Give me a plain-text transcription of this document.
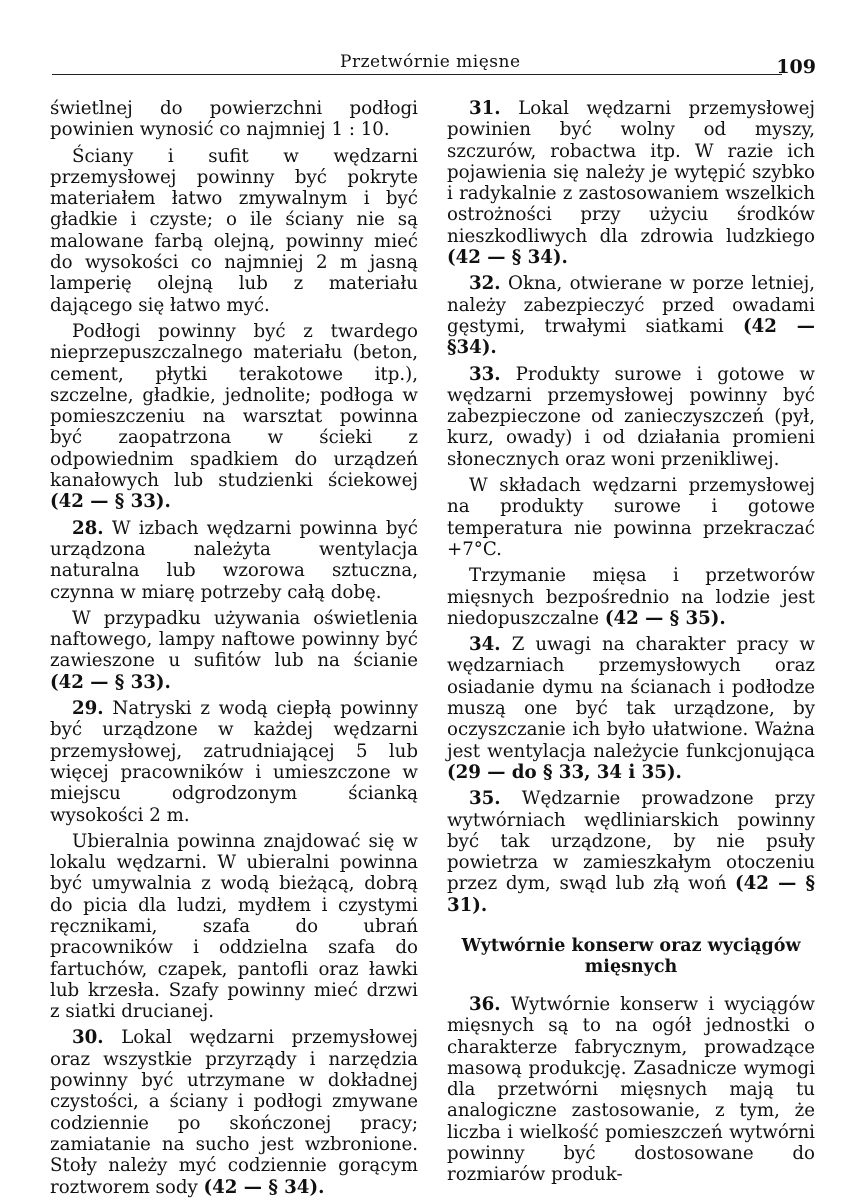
Przetwórnie mięsne	109

świetlnej do powierzchni podłogi powinien wynosić co najmniej 1 : 10.

Ściany i sufit w wędzarni przemysłowej powinny być pokryte materiałem łatwo zmywalnym i być gładkie i czyste; o ile ściany nie są malowane farbą olejną, powinny mieć do wysokości co najmniej 2 m jasną lamperię olejną lub z materiału dającego się łatwo myć.

Podłogi powinny być z twardego nieprzepuszczalnego materiału (beton, cement, płytki terakotowe itp.), szczelne, gładkie, jednolite; podłoga w pomieszczeniu na warsztat powinna być zaopatrzona w ścieki z odpowiednim spadkiem do urządzeń kanałowych lub studzienki ściekowej (42 — § 33).

28. W izbach wędzarni powinna być urządzona należyta wentylacja naturalna lub wzorowa sztuczna, czynna w miarę potrzeby całą dobę.

W przypadku używania oświetlenia naftowego, lampy naftowe powinny być zawieszone u sufitów lub na ścianie (42 — § 33).

29. Natryski z wodą ciepłą powinny być urządzone w każdej wędzarni przemysłowej, zatrudniającej 5 lub więcej pracowników i umieszczone w miejscu odgrodzonym ścianką wysokości 2 m.

Ubieralnia powinna znajdować się w lokalu wędzarni. W ubieralni powinna być umywalnia z wodą bieżącą, dobrą do picia dla ludzi, mydłem i czystymi ręcznikami, szafa do ubrań pracowników i oddzielna szafa do fartuchów, czapek, pantofli oraz ławki lub krzesła. Szafy powinny mieć drzwi z siatki drucianej.

30. Lokal wędzarni przemysłowej oraz wszystkie przyrządy i narzędzia powinny być utrzymane w dokładnej czystości, a ściany i podłogi zmywane codziennie po skończonej pracy; zamiatanie na sucho jest wzbronione. Stoły należy myć codziennie gorącym roztworem sody (42 — § 34).

31. Lokal wędzarni przemysłowej powinien być wolny od myszy, szczurów, robactwa itp. W razie ich pojawienia się należy je wytępić szybko i radykalnie z zastosowaniem wszelkich ostrożności przy użyciu środków nieszkodliwych dla zdrowia ludzkiego (42 — § 34).

32. Okna, otwierane w porze letniej, należy zabezpieczyć przed owadami gęstymi, trwałymi siatkami (42 — §34).

33. Produkty surowe i gotowe w wędzarni przemysłowej powinny być zabezpieczone od zanieczyszczeń (pył, kurz, owady) i od działania promieni słonecznych oraz woni przenikliwej.

W składach wędzarni przemysłowej na produkty surowe i gotowe temperatura nie powinna przekraczać +7°C.

Trzymanie mięsa i przetworów mięsnych bezpośrednio na lodzie jest niedopuszczalne (42 — § 35).

34. Z uwagi na charakter pracy w wędzarniach przemysłowych oraz osiadanie dymu na ścianach i podłodze muszą one być tak urządzone, by oczyszczanie ich było ułatwione. Ważna jest wentylacja należycie funkcjonująca (29 — do § 33, 34 i 35).

35. Wędzarnie prowadzone przy wytwórniach wędliniarskich powinny być tak urządzone, by nie psuły powietrza w zamieszkałym otoczeniu przez dym, swąd lub złą woń (42 — § 31).

Wytwórnie konserw oraz wyciągów mięsnych

36. Wytwórnie konserw i wyciągów mięsnych są to na ogół jednostki o charakterze fabrycznym, prowadzące masową produkcję. Zasadnicze wymogi dla przetwórni mięsnych mają tu analogiczne zastosowanie, z tym, że liczba i wielkość pomieszczeń wytwórni powinny być dostosowane do rozmiarów produk-
